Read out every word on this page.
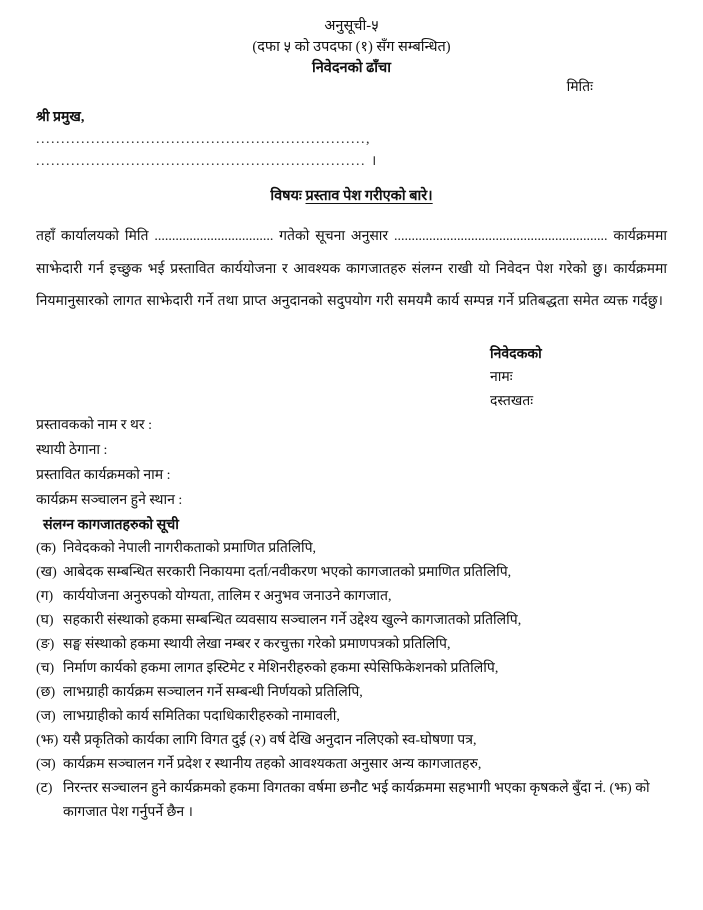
अनुसूची-५
(दफा ५ को उपदफा (१) सँग सम्बन्धित)
निवेदनको ढाँचा
मितिः
श्री प्रमुख,
..................................................................,
.................................................................. ।
विषयः प्रस्ताव पेश गरीएको बारे।
तहाँ कार्यालयको मिति .................................. गतेको सूचना अनुसार ............................................................. कार्यक्रममा साझेदारी गर्न इच्छुक भई प्रस्तावित कार्ययोजना र आवश्यक कागजातहरु संलग्न राखी यो निवेदन पेश गरेको छु। कार्यक्रममा नियमानुसारको लागत साझेदारी गर्ने तथा प्राप्त अनुदानको सदुपयोग गरी समयमै कार्य सम्पन्न गर्ने प्रतिबद्धता समेत व्यक्त गर्दछु।
निवेदकको
नामः
दस्तखतः
प्रस्तावकको नाम र थर :
स्थायी ठेगाना :
प्रस्तावित कार्यक्रमको नाम :
कार्यक्रम सञ्चालन हुने स्थान :
संलग्न कागजातहरुको सूची
(क) निवेदकको नेपाली नागरीकताको प्रमाणित प्रतिलिपि,
(ख) आबेदक सम्बन्धित सरकारी निकायमा दर्ता/नवीकरण भएको कागजातको प्रमाणित प्रतिलिपि,
(ग) कार्ययोजना अनुरुपको योग्यता, तालिम र अनुभव जनाउने कागजात,
(घ) सहकारी संस्थाको हकमा सम्बन्धित व्यवसाय सञ्चालन गर्ने उद्देश्य खुल्ने कागजातको प्रतिलिपि,
(ङ) सङ्घ संस्थाको हकमा स्थायी लेखा नम्बर र करचुक्ता गरेको प्रमाणपत्रको प्रतिलिपि,
(च) निर्माण कार्यको हकमा लागत इस्टिमेट र मेशिनरीहरुको हकमा स्पेसिफिकेशनको प्रतिलिपि,
(छ) लाभग्राही कार्यक्रम सञ्चालन गर्ने सम्बन्धी निर्णयको प्रतिलिपि,
(ज) लाभग्राहीको कार्य समितिका पदाधिकारीहरुको नामावली,
(झ) यसै प्रकृतिको कार्यका लागि विगत दुई (२) वर्ष देखि अनुदान नलिएको स्व-घोषणा पत्र,
(ञ) कार्यक्रम सञ्चालन गर्ने प्रदेश र स्थानीय तहको आवश्यकता अनुसार अन्य कागजातहरु,
(ट) निरन्तर सञ्चालन हुने कार्यक्रमको हकमा विगतका वर्षमा छनौट भई कार्यक्रममा सहभागी भएका कृषकले बुँदा नं. (झ) को कागजात पेश गर्नुपर्ने छैन ।
